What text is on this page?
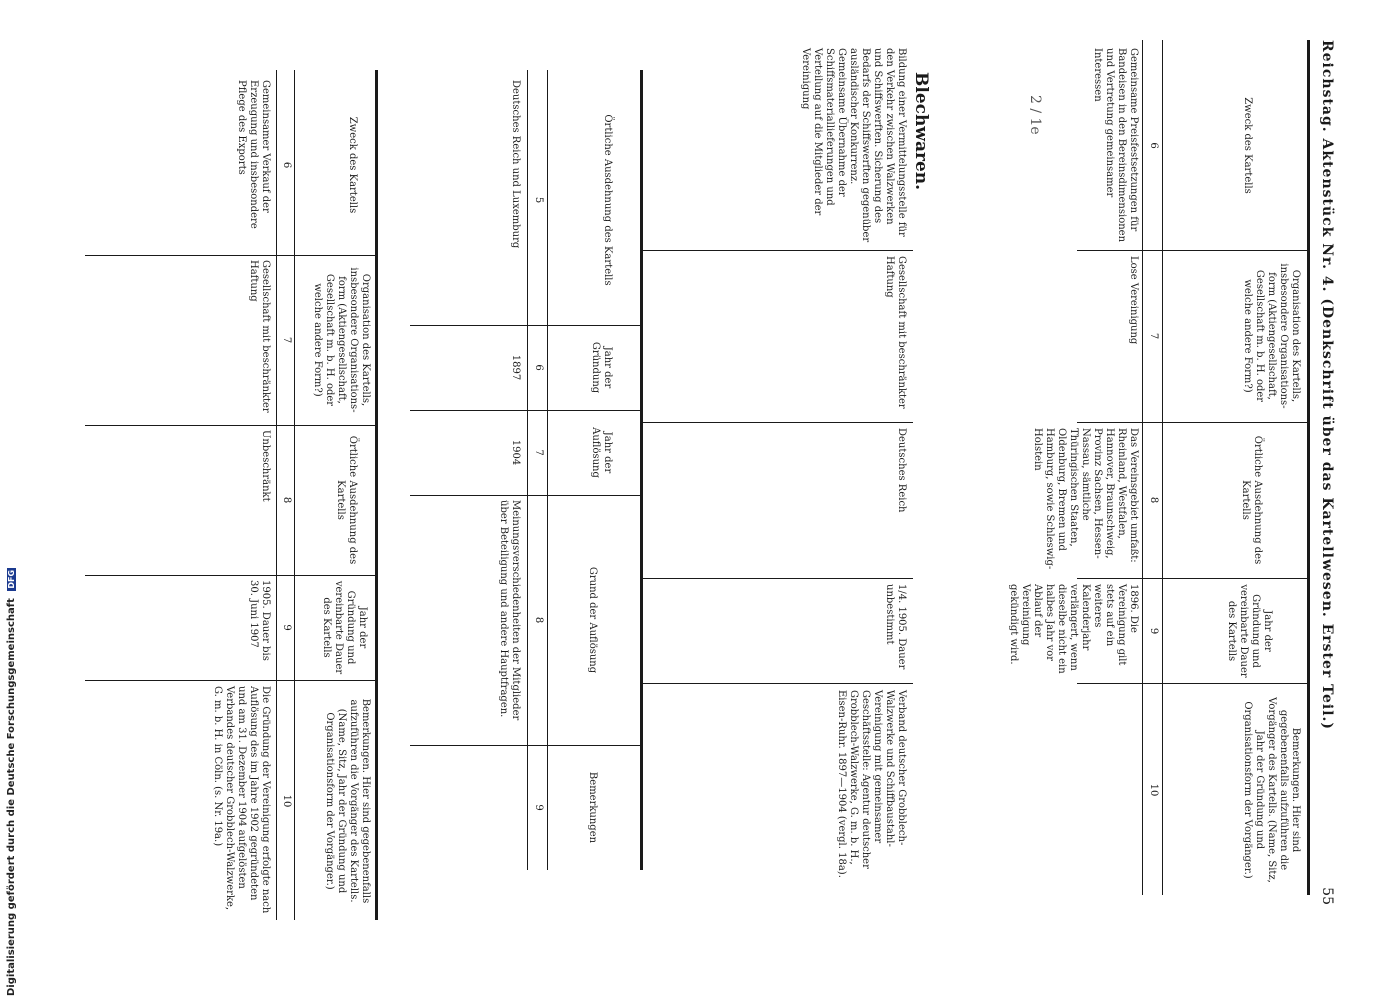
Digitalisierung gefördert durch die Deutsche Forschungsgemeinschaft DFG	Reichstag. Aktenstück Nr. 4. (Denkschrift über das Kartellwesen. Erster Teil.)
55
Zweck des Kartells
Organisation des Kartells, insbesondere Organisations-form (Aktiengesellschaft, Gesellschaft m. b. H. oder welche andere Form?)
Örtliche Ausdehnung des Kartells
Jahr der Gründung und vereinbarte Dauer des Kartells
Bemerkungen. Hier sind gegebenenfalls aufzuführen die Vorgänger des Kartells. (Name, Sitz, Jahr der Gründung und Organisationsform der Vorgänger.)
6
7
8
9
10
Gemeinsame Preisfestsetzungen für Bandeisen in den Bereinsdimensionen und Vertretung gemeinsamer Interessen
Lose Vereinigung
Das Vereinsgebiet umfaßt: Rheinland, Westfalen, Hannover, Braunschweig, Provinz Sachsen, Hessen-Nassau, sämtliche Thüringischen Staaten, Oldenburg, Bremen und Hamburg, sowie Schleswig-Holstein
1896. Die Vereinigung gilt stets auf ein weiteres Kalenderjahr verlängert, wenn dieselbe nicht ein halbes Jahr vor Ablauf der Vereinigung gekündigt wird.
2 / 1e
Blechwaren.
Bildung einer Vermittelungsstelle für den Verkehr zwischen Walzwerken und Schiffswerften. Sicherung des Bedarfs der Schiffswerften gegenüber ausländischer Konkurrenz. Gemeinsame Übernahme der Schiffsmateriallieferungen und Verteilung auf die Mitglieder der Vereinigung
Gesellschaft mit beschränkter Haftung
Deutsches Reich
1/4. 1905. Dauer unbestimmt
Verband deutscher Grobblech-Walzwerke und Schiffbaustahl-Vereinigung mit gemeinsamer Geschäftsstelle: Agentur deutscher Grobblech-Walzwerke, G. m. b. H., Eisen-Ruhr. 1897—1904 (vergl. 18a).
Örtliche Ausdehnung des Kartells
Jahr der Gründung
Jahr der Auflösung
Grund der Auflösung
Bemerkungen
5
6
7
8
9
Deutsches Reich und Luxemburg
1897
1904
Meinungsverschiedenheiten der Mitglieder über Beteiligung und andere Hauptfragen.
Zweck des Kartells
Organisation des Kartells, insbesondere Organisations-form (Aktiengesellschaft, Gesellschaft m. b. H. oder welche andere Form?)
Örtliche Ausdehnung des Kartells
Jahr der Gründung und vereinbarte Dauer des Kartells
Bemerkungen. Hier sind gegebenenfalls aufzuführen die Vorgänger des Kartells. (Name, Sitz, Jahr der Gründung und Organisationsform der Vorgänger.)
6
7
8
9
10
Gemeinsamer Verkauf der Erzeugung und insbesondere Pflege des Exports
Gesellschaft mit beschränkter Haftung
Unbeschränkt
1905. Dauer bis 30. Juni 1907
Die Gründung der Vereinigung erfolgte nach Auflösung des im Jahre 1902 gegründeten und am 31. Dezember 1904 aufgelösten Verbandes deutscher Grobblech-Walzwerke, G. m. b. H. in Cöln. (s. Nr. 19a.)
